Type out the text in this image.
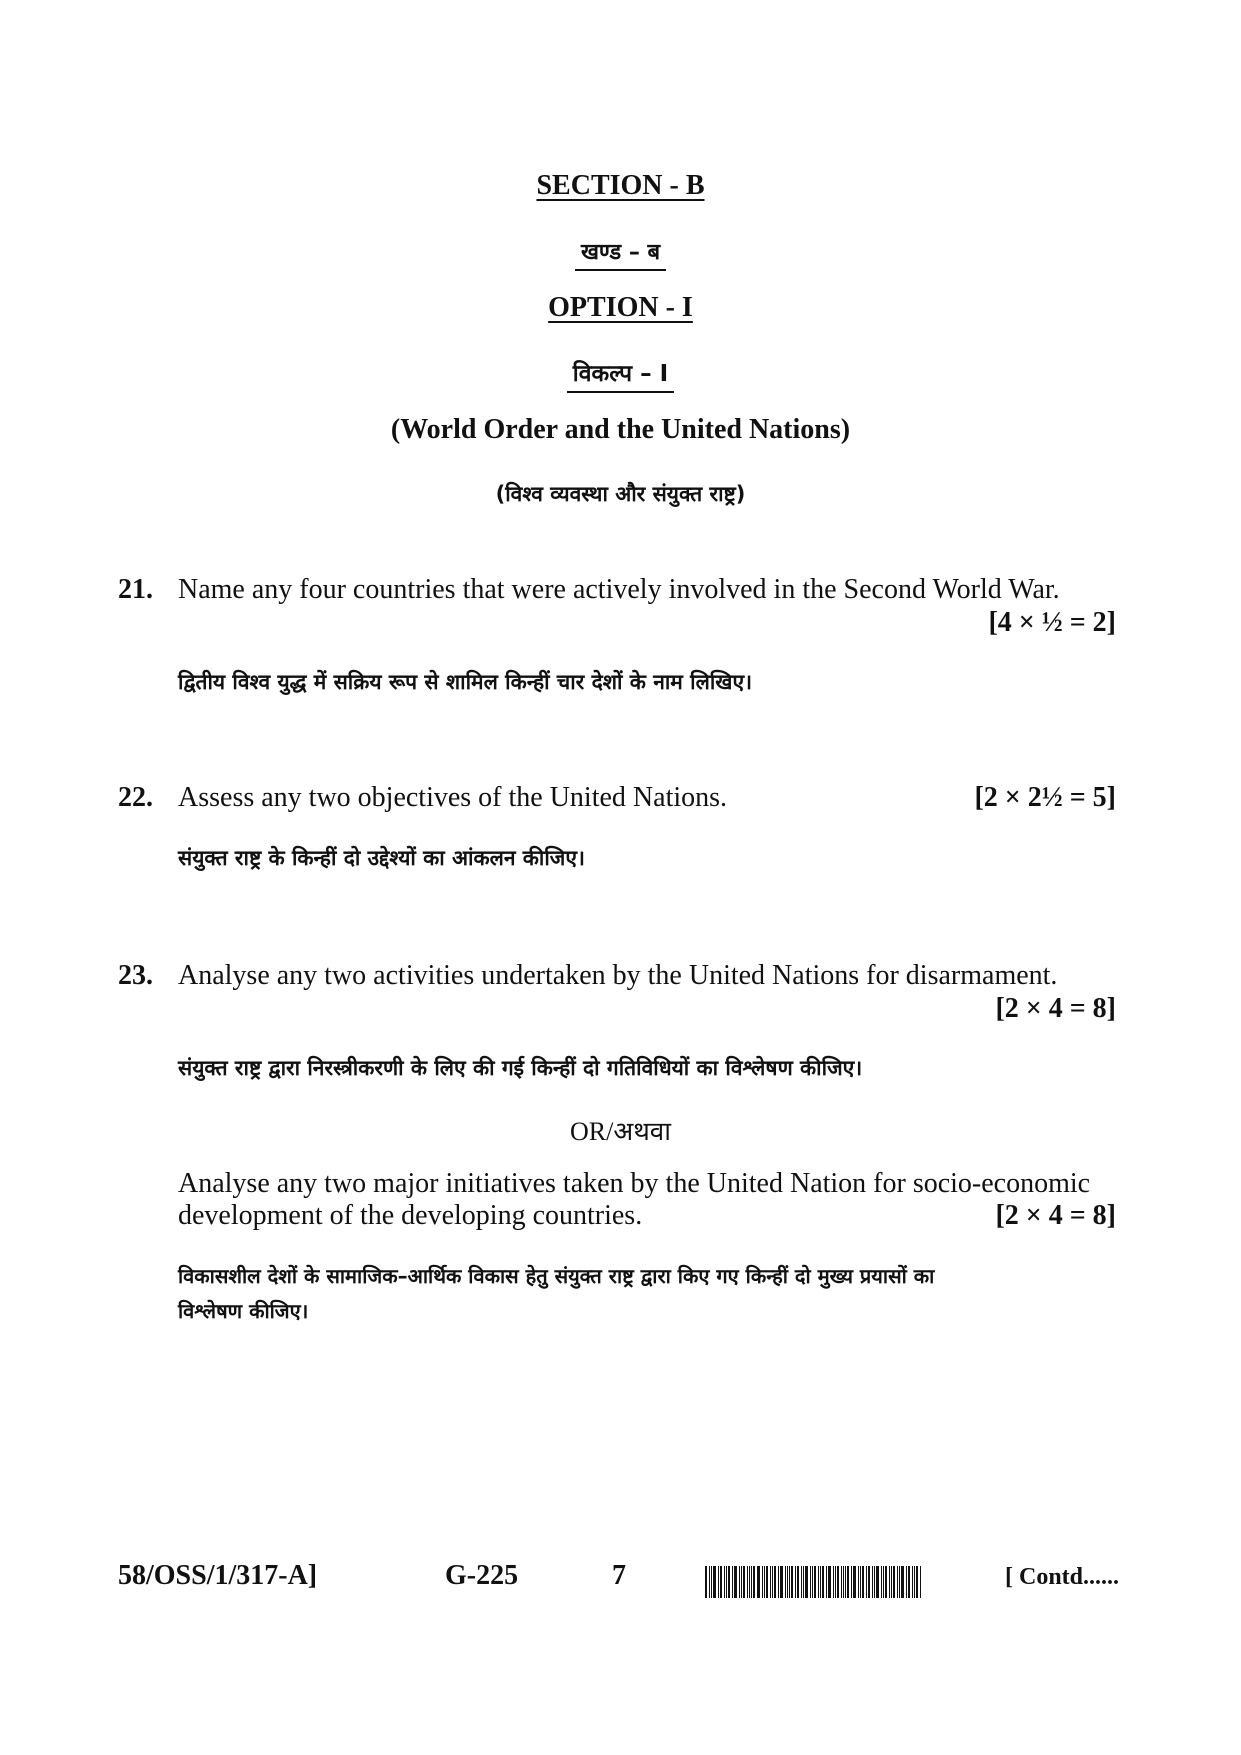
SECTION - B
खण्ड – ब
OPTION - I
विकल्प – I
(World Order and the United Nations)
(विश्व व्यवस्था और संयुक्त राष्ट्र)
21. Name any four countries that were actively involved in the Second World War.
[4 × ½ = 2]
द्वितीय विश्व युद्ध में सक्रिय रूप से शामिल किन्हीं चार देशों के नाम लिखिए।
22. Assess any two objectives of the United Nations.	[2 × 2½ = 5]
संयुक्त राष्ट्र के किन्हीं दो उद्देश्यों का आंकलन कीजिए।
23. Analyse any two activities undertaken by the United Nations for disarmament.
[2 × 4 = 8]
संयुक्त राष्ट्र द्वारा निरस्त्रीकरणी के लिए की गई किन्हीं दो गतिविधियों का विश्लेषण कीजिए।
OR/अथवा
Analyse any two major initiatives taken by the United Nation for socio-economic
development of the developing countries.	[2 × 4 = 8]
विकासशील देशों के सामाजिक–आर्थिक विकास हेतु संयुक्त राष्ट्र द्वारा किए गए किन्हीं दो मुख्य प्रयासों का
विश्लेषण कीजिए।
58/OSS/1/317-A]	G-225	7	[ Contd......
